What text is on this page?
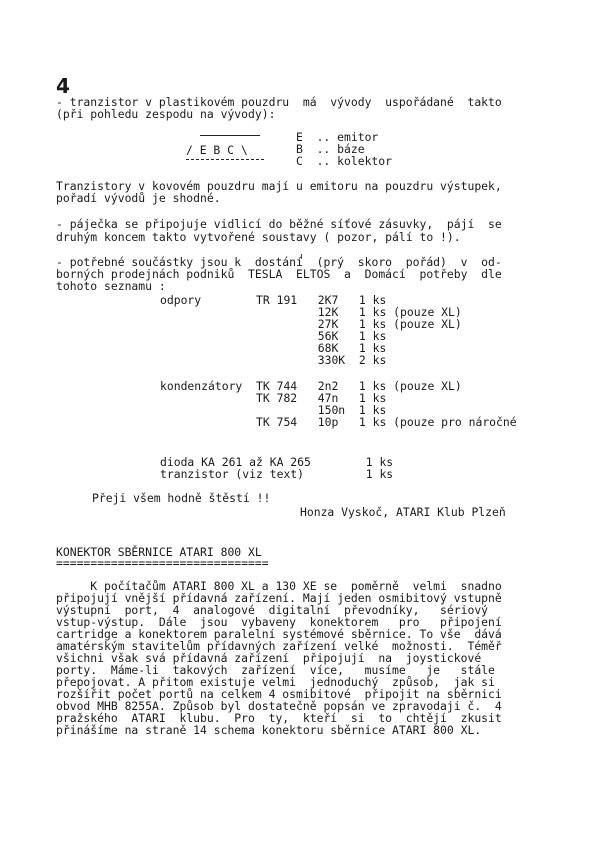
4
- tranzistor v plastikovém pouzdru  má  vývody  uspořádané  takto
(při pohledu zespodu na vývody):
/ E B C \
E  .. emitor
B  .. báze
C  .. kolektor
Tranzistory v kovovém pouzdru mají u emitoru na pouzdru výstupek,
pořadí vývodů je shodné.
- páječka se připojuje vidlicí do běžné síťové zásuvky,  pájí  se
druhým koncem takto vytvořené soustavy ( pozor, pálí to !).
- potřebné součástky jsou k  dostání  (prý  skoro  pořád)  v  od-
borných prodejnách podniků  TESLA  ELTOS  a  Domácí  potřeby  dle
tohoto seznamu :
odpory        TR 191   2K7   1 ks
12K   1 ks (pouze XL)
27K   1 ks (pouze XL)
56K   1 ks
68K   1 ks
330K  2 ks
kondenzátory  TK 744   2n2   1 ks (pouze XL)
TK 782   47n   1 ks
150n  1 ks
TK 754   10p   1 ks (pouze pro náročné
dioda KA 261 až KA 265        1 ks
tranzistor (viz text)         1 ks
Přeji všem hodně štěstí !!
Honza Vyskoč, ATARI Klub Plzeň
KONEKTOR SBĚRNICE ATARI 800 XL
===============================
K počítačům ATARI 800 XL a 130 XE se  poměrně  velmi  snadno
připojují vnější přídavná zařízení. Mají jeden osmibitový vstupně
výstupní  port,  4  analogové  digitalní  převodníky,   sériový
vstup-výstup.  Dále  jsou  vybaveny  konektorem   pro   připojení
cartridge a konektorem paralelní systémové sběrnice. To vše  dává
amatérským stavitelům přídavných zařízení velké  možnosti.  Téměř
všichni však svá přídavná zařízení  připojují  na  joystickové
porty.  Máme-li  takových  zařízení  více,   musíme   je   stále
přepojovat. A přitom existuje velmi  jednoduchý  způsob,  jak si
rozšířit počet portů na celkem 4 osmibitové  připojit na sběrnici
obvod MHB 8255A. Způsob byl dostatečně popsán ve zpravodaji č.  4
pražského  ATARI  klubu.  Pro  ty,  kteří  si  to  chtějí  zkusit
přinášíme na straně 14 schema konektoru sběrnice ATARI 800 XL.
